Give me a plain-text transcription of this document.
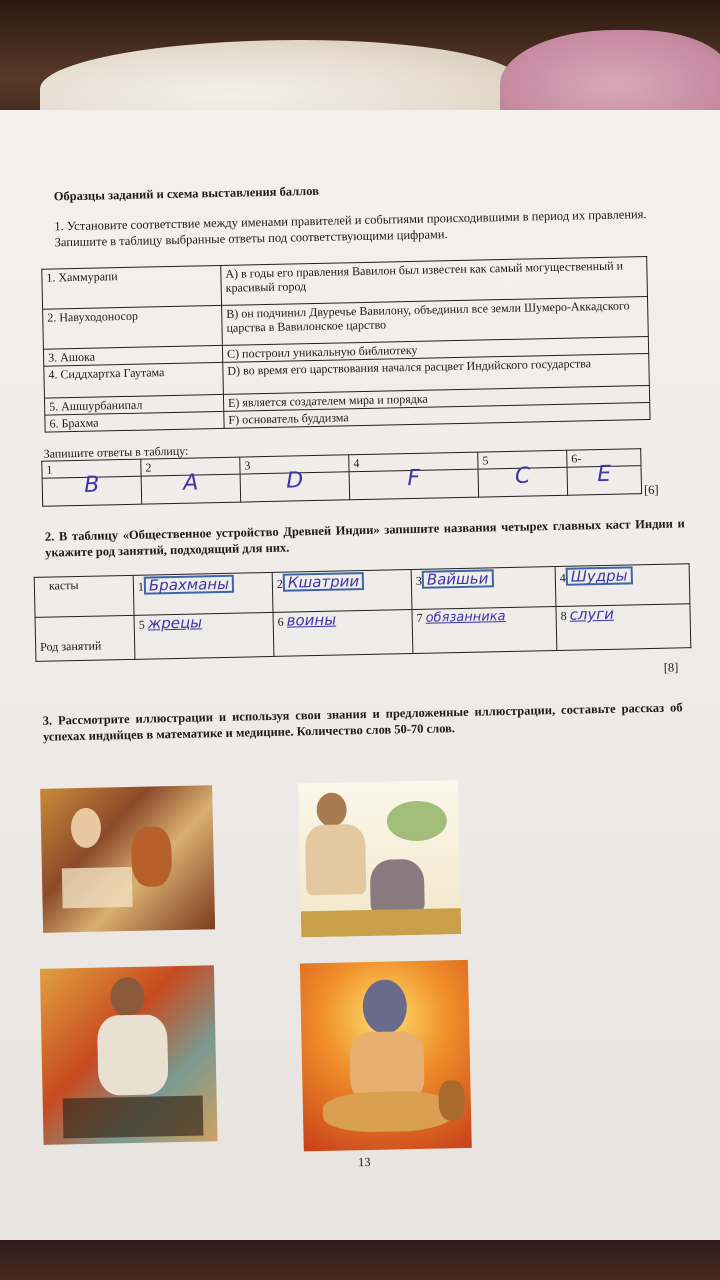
Образцы заданий и схема выставления баллов
1. Установите соответствие между именами правителей и событиями происходившими в период их правления. Запишите в таблицу выбранные ответы под соответствующими цифрами.
1. Хаммурапи	A) в годы его правления Вавилон был известен как самый могущественный и красивый город
2. Навуходоносор	B) он подчинил Двуречье Вавилону, объединил все земли Шумеро-Аккадского царства в Вавилонское царство
3. Ашока	C) построил уникальную библиотеку
4. Сиддхартха Гаутама	D) во время его царствования начался расцвет Индийского государства
5. Ашшурбанипал	E) является создателем мира и порядка
6. Брахма	F) основатель буддизма
Запишите ответы в таблицу:					
1	2	3	4	5	6-
B	A	D	F	C	E
[6]
2. В таблицу «Общественное устройство Древней Индии» запишите названия четырех главных каст Индии и укажите род занятий, подходящий для них.
касты	1 Брахманы	2 Кшатрии	3 Вайшьи	4 Шудры
Род занятий	5 жрецы	6 воины	7 обязанника	8 слуги
[8]
3. Рассмотрите иллюстрации и используя свои знания и предложенные иллюстрации, составьте рассказ об успехах индийцев в математике и медицине. Количество слов 50-70 слов.
13
